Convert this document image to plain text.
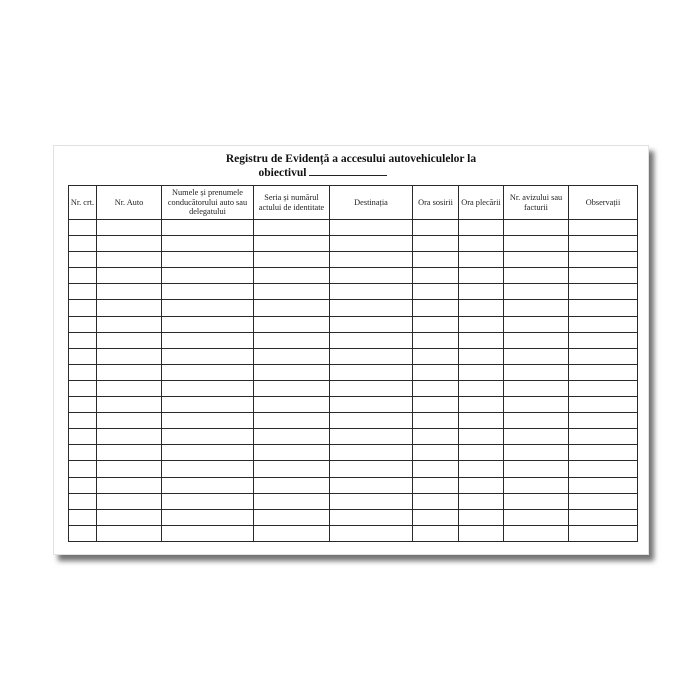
Registru de Evidență a accesului autovehiculelor la
obiectivul
Nr. crt.	Nr. Auto	Numele și prenumele conducătorului auto sau delegatului	Seria și numărul actului de identitate	Destinația	Ora sosirii	Ora plecării	Nr. avizului sau facturii	Observații
